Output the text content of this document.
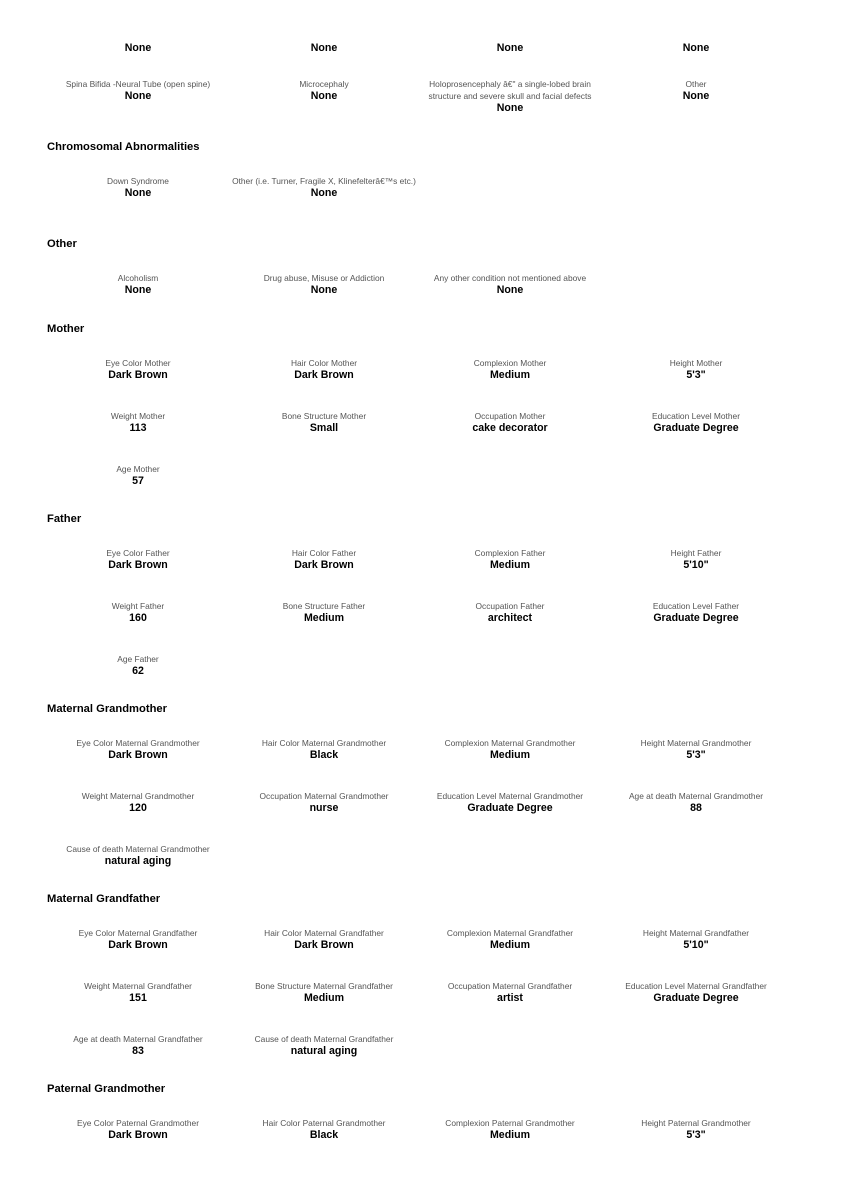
None	None	None	None
Spina Bifida -Neural Tube (open spine)
None
Microcephaly
None
Holoprosencephaly â€" a single-lobed brain structure and severe skull and facial defects
None
Other
None
Chromosomal Abnormalities
Down Syndrome
None
Other (i.e. Turner, Fragile X, Klinefelterâ€™s etc.)
None
Other
Alcoholism
None
Drug abuse, Misuse or Addiction
None
Any other condition not mentioned above
None
Mother
Eye Color Mother
Dark Brown
Hair Color Mother
Dark Brown
Complexion Mother
Medium
Height Mother
5'3"
Weight Mother
113
Bone Structure Mother
Small
Occupation Mother
cake decorator
Education Level Mother
Graduate Degree
Age Mother
57
Father
Eye Color Father
Dark Brown
Hair Color Father
Dark Brown
Complexion Father
Medium
Height Father
5'10"
Weight Father
160
Bone Structure Father
Medium
Occupation Father
architect
Education Level Father
Graduate Degree
Age Father
62
Maternal Grandmother
Eye Color Maternal Grandmother
Dark Brown
Hair Color Maternal Grandmother
Black
Complexion Maternal Grandmother
Medium
Height Maternal Grandmother
5'3"
Weight Maternal Grandmother
120
Occupation Maternal Grandmother
nurse
Education Level Maternal Grandmother
Graduate Degree
Age at death Maternal Grandmother
88
Cause of death Maternal Grandmother
natural aging
Maternal Grandfather
Eye Color Maternal Grandfather
Dark Brown
Hair Color Maternal Grandfather
Dark Brown
Complexion Maternal Grandfather
Medium
Height Maternal Grandfather
5'10"
Weight Maternal Grandfather
151
Bone Structure Maternal Grandfather
Medium
Occupation Maternal Grandfather
artist
Education Level Maternal Grandfather
Graduate Degree
Age at death Maternal Grandfather
83
Cause of death Maternal Grandfather
natural aging
Paternal Grandmother
Eye Color Paternal Grandmother
Dark Brown
Hair Color Paternal Grandmother
Black
Complexion Paternal Grandmother
Medium
Height Paternal Grandmother
5'3"
